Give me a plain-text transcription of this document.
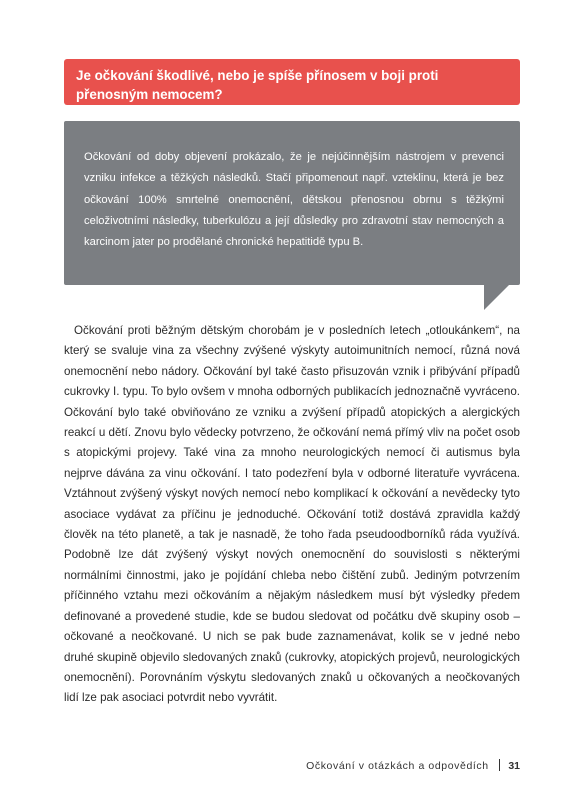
Je očkování škodlivé, nebo je spíše přínosem v boji proti přenosným nemocem?

Očkování od doby objevení prokázalo, že je nejúčinnějším nástrojem v prevenci vzniku infekce a těžkých následků. Stačí připomenout např. vzteklinu, která je bez očkování 100% smrtelné onemocnění, dětskou přenosnou obrnu s těžkými celoživotními následky, tuberkulózu a její důsledky pro zdravotní stav nemocných a karcinom jater po prodělané chronické hepatitidě typu B.

Očkování proti běžným dětským chorobám je v posledních letech „otloukánkem“, na který se svaluje vina za všechny zvýšené výskyty autoimunitních nemocí, různá nová onemocnění nebo nádory. Očkování byl také často přisuzován vznik i přibývání případů cukrovky I. typu. To bylo ovšem v mnoha odborných publikacích jednoznačně vyvráceno. Očkování bylo také obviňováno ze vzniku a zvýšení případů atopických a alergických reakcí u dětí. Znovu bylo vědecky potvrzeno, že očkování nemá přímý vliv na počet osob s atopickými projevy. Také vina za mnoho neurologických nemocí či autismus byla nejprve dávána za vinu očkování. I tato podezření byla v odborné literatuře vyvrácena. Vztáhnout zvýšený výskyt nových nemocí nebo komplikací k očkování a nevědecky tyto asociace vydávat za příčinu je jednoduché. Očkování totiž dostává zpravidla každý člověk na této planetě, a tak je nasnadě, že toho řada pseudoodborníků ráda využívá. Podobně lze dát zvýšený výskyt nových onemocnění do souvislosti s některými normálními činnostmi, jako je pojídání chleba nebo čištění zubů. Jediným potvrzením příčinného vztahu mezi očkováním a nějakým následkem musí být výsledky předem definované a provedené studie, kde se budou sledovat od počátku dvě skupiny osob – očkované a neočkované. U nich se pak bude zaznamenávat, kolik se v jedné nebo druhé skupině objevilo sledovaných znaků (cukrovky, atopických projevů, neurologických onemocnění). Porovnáním výskytu sledovaných znaků u očkovaných a neočkovaných lidí lze pak asociaci potvrdit nebo vyvrátit.

Očkování v otázkách a odpovědích 31
